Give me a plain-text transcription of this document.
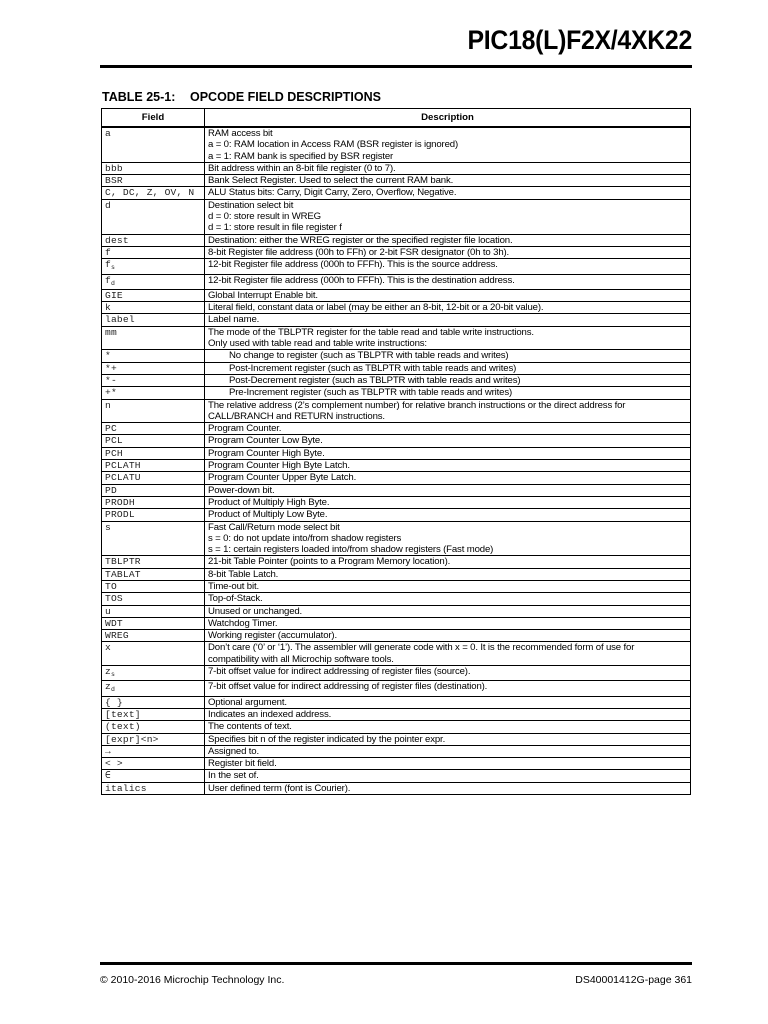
PIC18(L)F2X/4XK22
TABLE 25-1: OPCODE FIELD DESCRIPTIONS
Field	Description
a	RAM access bit
a = 0: RAM location in Access RAM (BSR register is ignored)
a = 1: RAM bank is specified by BSR register

bbb	Bit address within an 8-bit file register (0 to 7).

BSR	Bank Select Register. Used to select the current RAM bank.

C, DC, Z, OV, N	ALU Status bits: Carry, Digit Carry, Zero, Overflow, Negative.

d	Destination select bit
d = 0: store result in WREG
d = 1: store result in file register f

dest	Destination: either the WREG register or the specified register file location.

f	8-bit Register file address (00h to FFh) or 2-bit FSR designator (0h to 3h).

$f_s$	12-bit Register file address (000h to FFFh). This is the source address.

$f_d$	12-bit Register file address (000h to FFFh). This is the destination address.

GIE	Global Interrupt Enable bit.

k	Literal field, constant data or label (may be either an 8-bit, 12-bit or a 20-bit value).

label	Label name.

mm	The mode of the TBLPTR register for the table read and table write instructions.
Only used with table read and table write instructions:

*	No change to register (such as TBLPTR with table reads and writes)

*+	Post-Increment register (such as TBLPTR with table reads and writes)

*-	Post-Decrement register (such as TBLPTR with table reads and writes)

+*	Pre-Increment register (such as TBLPTR with table reads and writes)

n	The relative address (2’s complement number) for relative branch instructions or the direct address for
CALL/BRANCH and RETURN instructions.

PC	Program Counter.

PCL	Program Counter Low Byte.

PCH	Program Counter High Byte.

PCLATH	Program Counter High Byte Latch.

PCLATU	Program Counter Upper Byte Latch.

$\overline{PD}$	Power-down bit.

PRODH	Product of Multiply High Byte.

PRODL	Product of Multiply Low Byte.

s	Fast Call/Return mode select bit
s = 0: do not update into/from shadow registers
s = 1: certain registers loaded into/from shadow registers (Fast mode)

TBLPTR	21-bit Table Pointer (points to a Program Memory location).

TABLAT	8-bit Table Latch.

$\overline{TO}$	Time-out bit.

TOS	Top-of-Stack.

u	Unused or unchanged.

WDT	Watchdog Timer.

WREG	Working register (accumulator).

x	Don’t care (‘0’ or ‘1’). The assembler will generate code with x = 0. It is the recommended form of use for
compatibility with all Microchip software tools.

$z_s$	7-bit offset value for indirect addressing of register files (source).

$z_d$	7-bit offset value for indirect addressing of register files (destination).

{ }	Optional argument.

[text]	Indicates an indexed address.

(text)	The contents of text.

[expr]<n>	Specifies bit n of the register indicated by the pointer expr.

→	Assigned to.

< >	Register bit field.

∈	In the set of.

italics	User defined term (font is Courier).
© 2010-2016 Microchip Technology Inc.	DS40001412G-page 361
